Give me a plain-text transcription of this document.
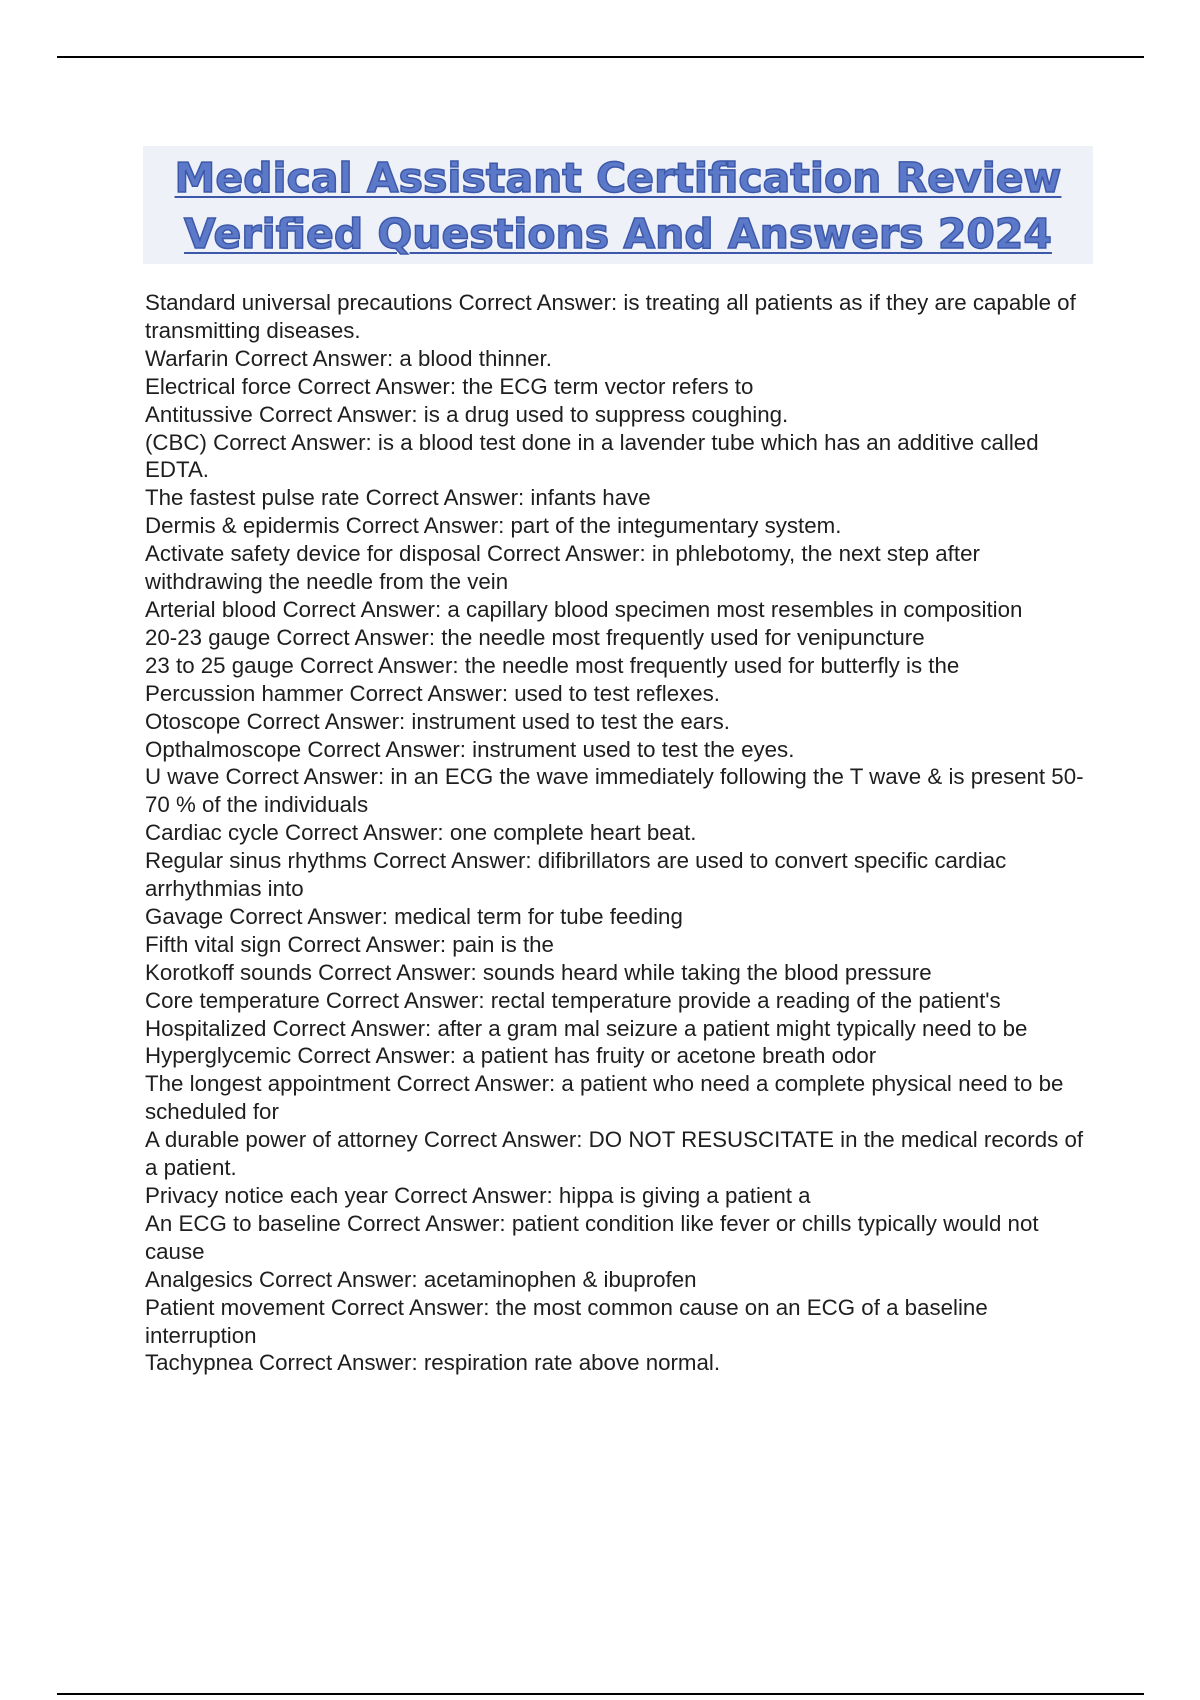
Medical Assistant Certification Review
Verified Questions And Answers 2024
Standard universal precautions Correct Answer: is treating all patients as if they are capable of transmitting diseases.
Warfarin Correct Answer: a blood thinner.
Electrical force Correct Answer: the ECG term vector refers to
Antitussive Correct Answer: is a drug used to suppress coughing.
(CBC) Correct Answer: is a blood test done in a lavender tube which has an additive called EDTA.
The fastest pulse rate Correct Answer: infants have
Dermis & epidermis Correct Answer: part of the integumentary system.
Activate safety device for disposal Correct Answer: in phlebotomy, the next step after withdrawing the needle from the vein
Arterial blood Correct Answer: a capillary blood specimen most resembles in composition
20-23 gauge Correct Answer: the needle most frequently used for venipuncture
23 to 25 gauge Correct Answer: the needle most frequently used for butterfly is the
Percussion hammer Correct Answer: used to test reflexes.
Otoscope Correct Answer: instrument used to test the ears.
Opthalmoscope Correct Answer: instrument used to test the eyes.
U wave Correct Answer: in an ECG the wave immediately following the T wave & is present 50-70 % of the individuals
Cardiac cycle Correct Answer: one complete heart beat.
Regular sinus rhythms Correct Answer: difibrillators are used to convert specific cardiac arrhythmias into
Gavage Correct Answer: medical term for tube feeding
Fifth vital sign Correct Answer: pain is the
Korotkoff sounds Correct Answer: sounds heard while taking the blood pressure
Core temperature Correct Answer: rectal temperature provide a reading of the patient's
Hospitalized Correct Answer: after a gram mal seizure a patient might typically need to be
Hyperglycemic Correct Answer: a patient has fruity or acetone breath odor
The longest appointment Correct Answer: a patient who need a complete physical need to be scheduled for
A durable power of attorney Correct Answer: DO NOT RESUSCITATE in the medical records of a patient.
Privacy notice each year Correct Answer: hippa is giving a patient a
An ECG to baseline Correct Answer: patient condition like fever or chills typically would not cause
Analgesics Correct Answer: acetaminophen & ibuprofen
Patient movement Correct Answer: the most common cause on an ECG of a baseline interruption
Tachypnea Correct Answer: respiration rate above normal.
